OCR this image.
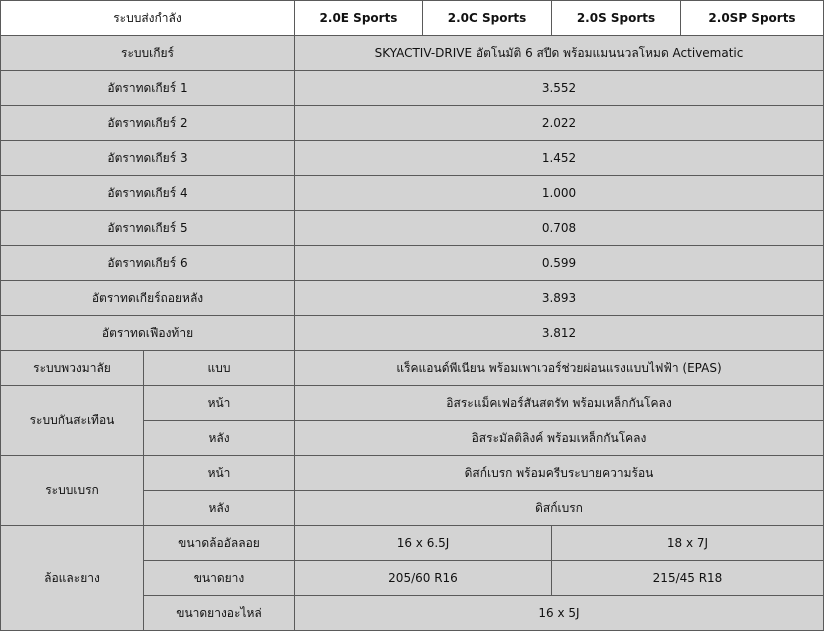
ระบบส่งกำลัง		2.0E Sports	2.0C Sports	2.0S Sports	2.0SP Sports
ระบบเกียร์		SKYACTIV-DRIVE อัตโนมัติ 6 สปีด พร้อมแมนนวลโหมด Activematic			
อัตราทดเกียร์ 1		3.552			
อัตราทดเกียร์ 2		2.022			
อัตราทดเกียร์ 3		1.452			
อัตราทดเกียร์ 4		1.000			
อัตราทดเกียร์ 5		0.708			
อัตราทดเกียร์ 6		0.599			
อัตราทดเกียร์ถอยหลัง		3.893			
อัตราทดเฟืองท้าย		3.812			
ระบบพวงมาลัย	แบบ	แร็คแอนด์พีเนียน พร้อมเพาเวอร์ช่วยผ่อนแรงแบบไฟฟ้า (EPAS)			
ระบบกันสะเทือน	หน้า	อิสระแม็คเฟอร์สันสตรัท พร้อมเหล็กกันโคลง			
	หลัง	อิสระมัลติลิงค์ พร้อมเหล็กกันโคลง			
ระบบเบรก	หน้า	ดิสก์เบรก พร้อมครีบระบายความร้อน			
	หลัง	ดิสก์เบรก			
ล้อและยาง	ขนาดล้ออัลลอย	16 x 6.5J		18 x 7J	
	ขนาดยาง	205/60 R16		215/45 R18	
	ขนาดยางอะไหล่	16 x 5J			
